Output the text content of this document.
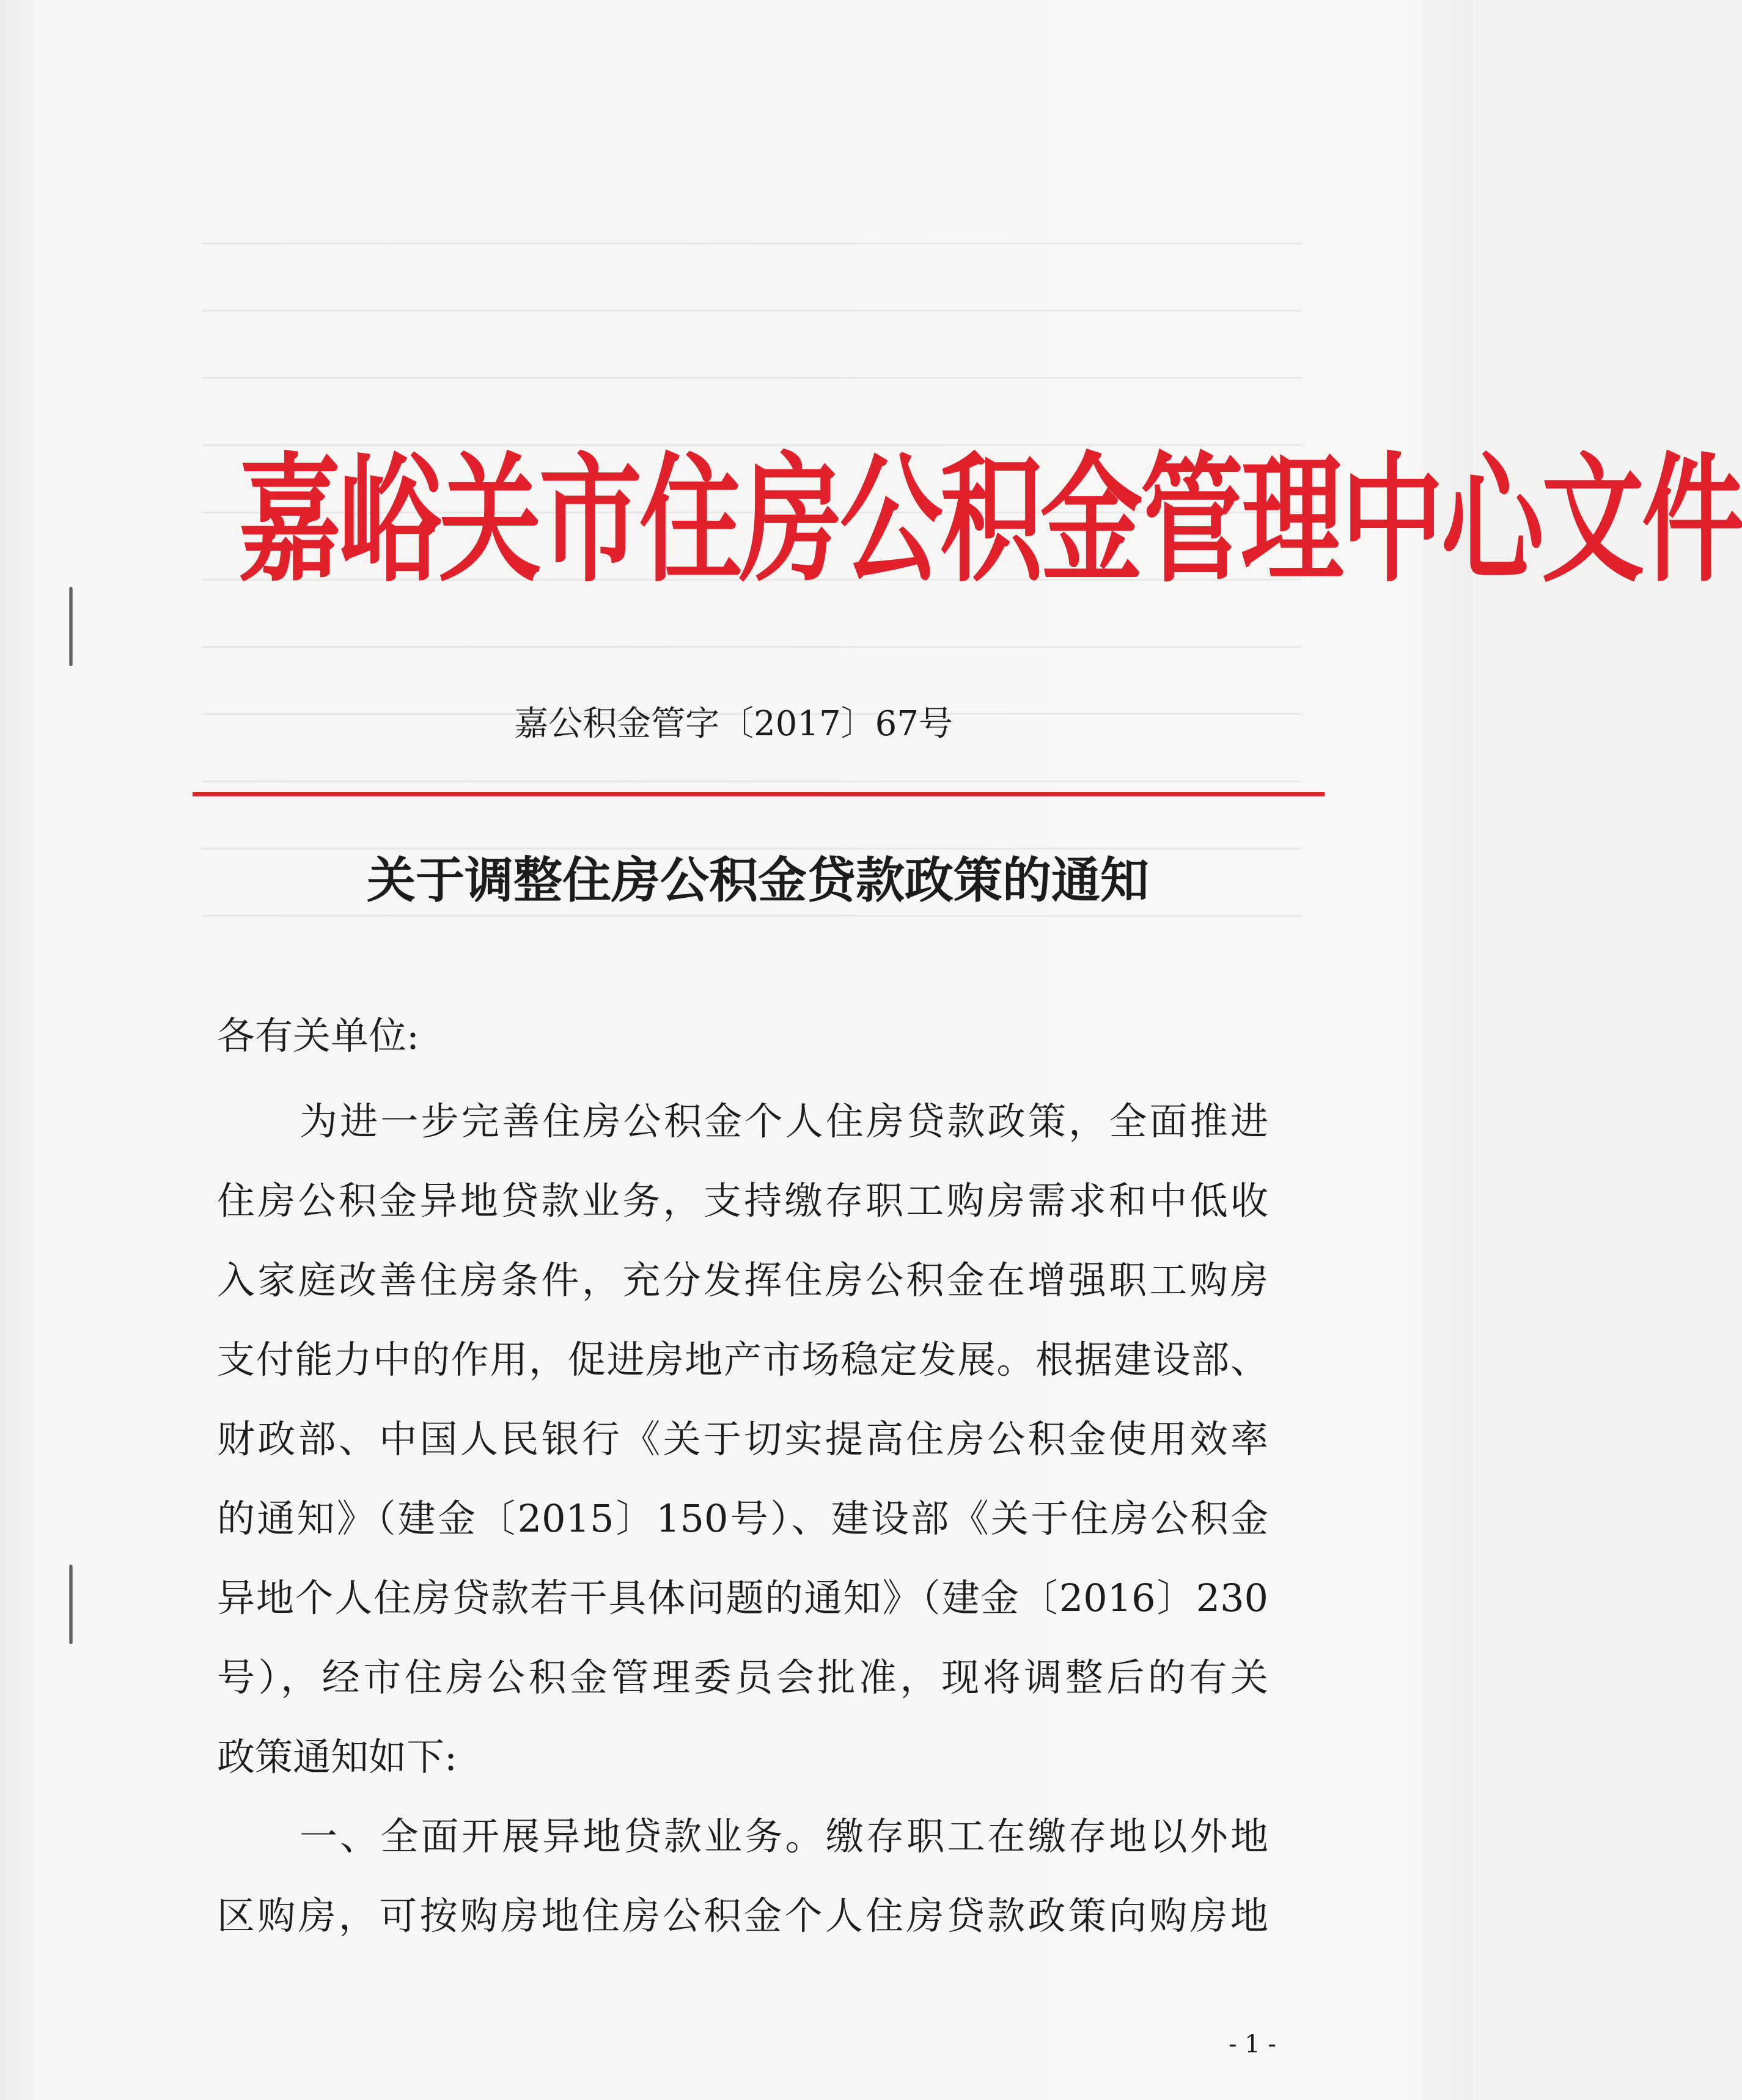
嘉峪关市住房公积金管理中心文件
嘉公积金管字〔2017〕67号
关于调整住房公积金贷款政策的通知
各有关单位:
为进一步完善住房公积金个人住房贷款政策，全面推进
住房公积金异地贷款业务，支持缴存职工购房需求和中低收
入家庭改善住房条件，充分发挥住房公积金在增强职工购房
支付能力中的作用，促进房地产市场稳定发展。根据建设部、
财政部、中国人民银行《关于切实提高住房公积金使用效率
的通知》（建金〔2015〕150号）、建设部《关于住房公积金
异地个人住房贷款若干具体问题的通知》（建金〔2016〕230
号），经市住房公积金管理委员会批准，现将调整后的有关
政策通知如下:
一、全面开展异地贷款业务。缴存职工在缴存地以外地
区购房，可按购房地住房公积金个人住房贷款政策向购房地
- 1 -
